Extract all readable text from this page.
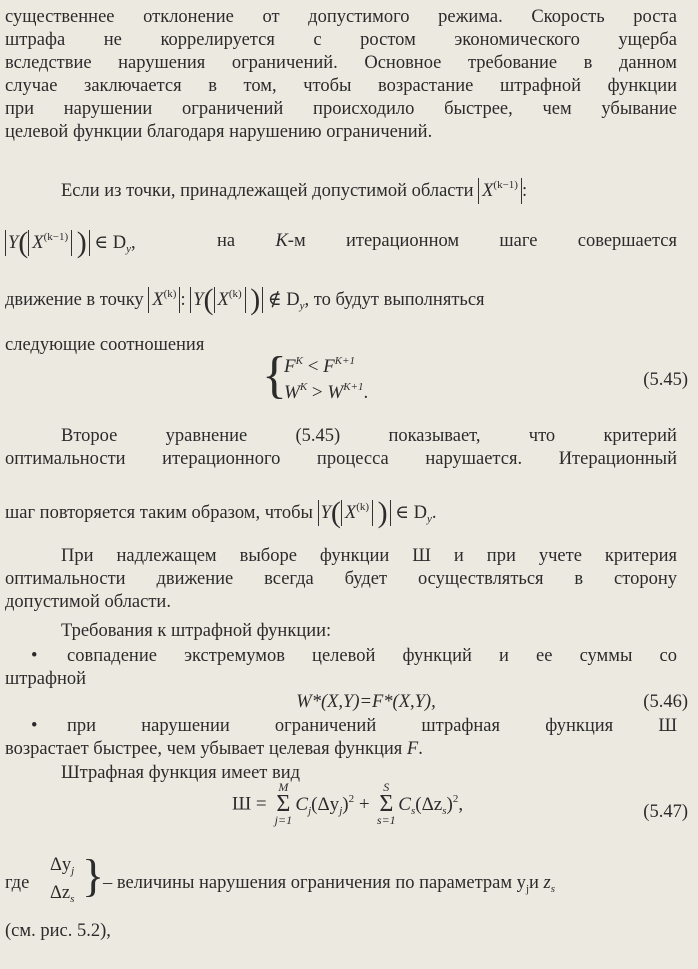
существеннее отклонение от допустимого режима. Скорость роста
штрафа не коррелируется с ростом экономического ущерба
вследствие нарушения ограничений. Основное требование в данном
случае заключается в том, чтобы возрастание штрафной функции
при нарушении ограничений происходило быстрее, чем убывание
целевой функции благодаря нарушению ограничений.
Если из точки, принадлежащей допустимой области $X^{(k-1)}$ :
Y( $X^{(k-1)}$ ) ∈ $D_y$,	на K-м итерационном шаге совершается
движение в точку $X^{(k)}$ : Y( $X^{(k)}$ ) ∉ $D_y$, то будут выполняться
следующие соотношения
{
$F^K < F^{K+1}$
$W^K > W^{K+1}$.
(5.45)
Второе	уравнение	(5.45)	показывает,	что	критерий
оптимальности итерационного процесса нарушается. Итерационный
шаг повторяется таким образом, чтобы Y( $X^{(k)}$ ) ∈ $D_y$.
При надлежащем выборе функции Ш и при учете критерия
оптимальности движение всегда будет осуществляться в сторону
допустимой области.
Требования к штрафной функции:
• совпадение экстремумов целевой функций и ее суммы со
штрафной
W*(X,Y)=F*(X,Y),	(5.46)
• при нарушении ограничений штрафная функция Ш
возрастает быстрее, чем убывает целевая функция F.
Штрафная функция имеет вид
Ш =
M
Σ
j=1
$C_j(\Delta y_j)^2$ +
S
Σ
s=1
$C_s(\Delta z_s)^2$,	(5.47)
где
$\Delta y_j$
$\Delta z_s$ }
– величины нарушения ограничения по параметрам $y_jи$ $z_s$
(см. рис. 5.2),
